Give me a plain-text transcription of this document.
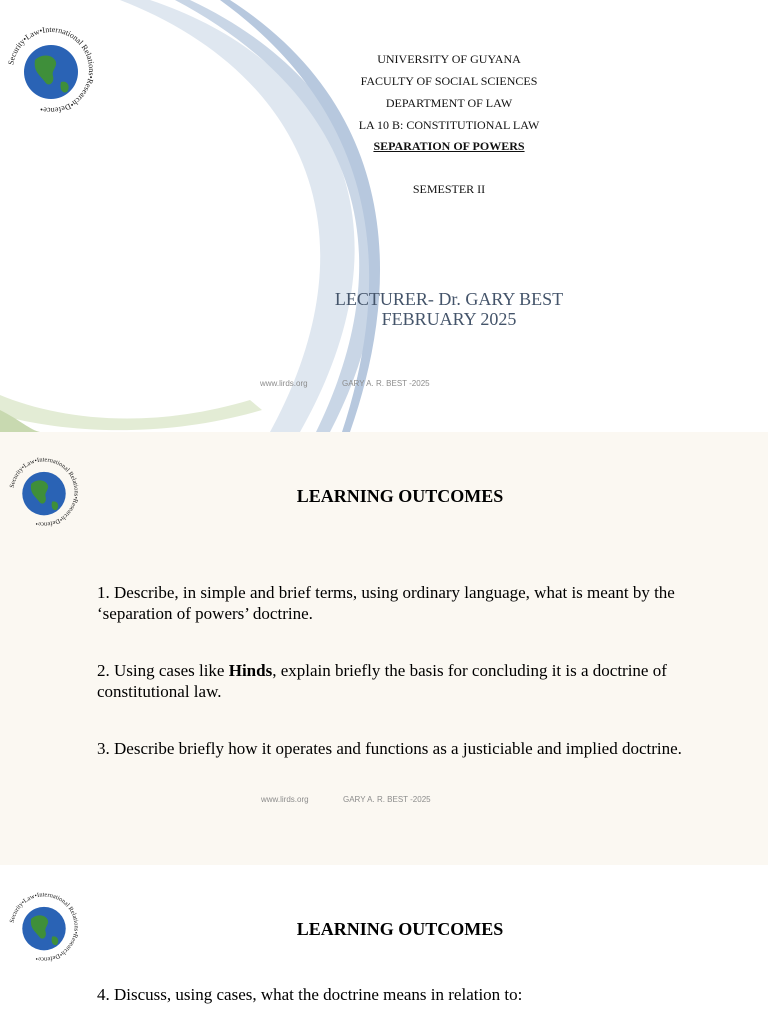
Security•Law•International Relations•Research•Defence•
UNIVERSITY OF GUYANA
FACULTY OF SOCIAL SCIENCES
DEPARTMENT OF LAW
LA 10 B: CONSTITUTIONAL LAW
SEPARATION OF POWERS
SEMESTER II
LECTURER- Dr. GARY BEST
FEBRUARY 2025
www.lirds.org	GARY A. R. BEST -2025
Security•Law•International Relations•Research•Defence•
LEARNING OUTCOMES
1. Describe, in simple and brief terms, using ordinary language, what is meant by the ‘separation of powers’ doctrine.
2. Using cases like Hinds, explain briefly the basis for concluding it is a doctrine of constitutional law.
3. Describe briefly how it operates and functions as a justiciable and implied doctrine.
www.lirds.org	GARY A. R. BEST -2025
Security•Law•International Relations•Research•Defence•
LEARNING OUTCOMES
4. Discuss, using cases, what the doctrine means in relation to:
